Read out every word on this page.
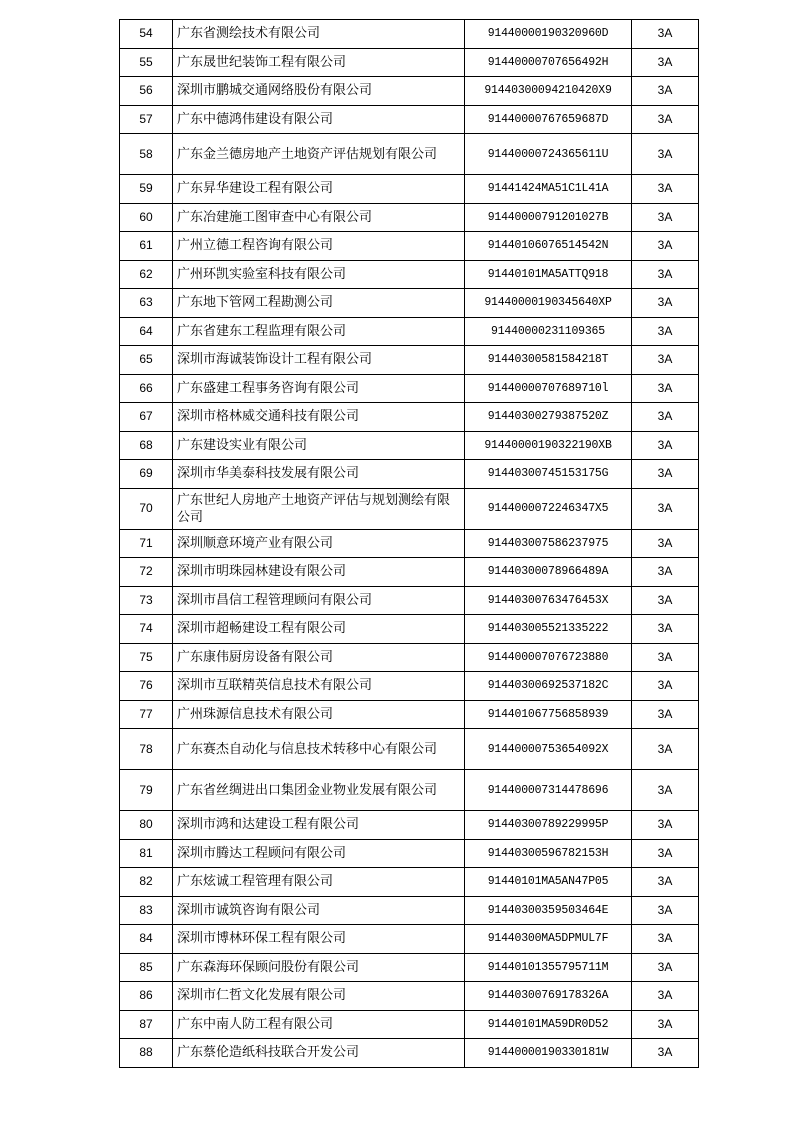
54	广东省测绘技术有限公司	91440000190320960D	3A
55	广东晟世纪装饰工程有限公司	91440000707656492H	3A
56	深圳市鹏城交通网络股份有限公司	91440300094210420X9	3A
57	广东中德鸿伟建设有限公司	91440000767659687D	3A
58	广东金兰德房地产土地资产评估规划有限公司	91440000724365611U	3A
59	广东昇华建设工程有限公司	91441424MA51C1L41A	3A
60	广东冶建施工图审查中心有限公司	91440000791201027B	3A
61	广州立德工程咨询有限公司	91440106076514542N	3A
62	广州环凯实验室科技有限公司	91440101MA5ATTQ918	3A
63	广东地下管网工程勘测公司	91440000190345640XP	3A
64	广东省建东工程监理有限公司	91440000231109365	3A
65	深圳市海诚装饰设计工程有限公司	91440300581584218T	3A
66	广东盛建工程事务咨询有限公司	91440000707689710l	3A
67	深圳市格林威交通科技有限公司	91440300279387520Z	3A
68	广东建设实业有限公司	91440000190322190XB	3A
69	深圳市华美泰科技发展有限公司	91440300745153175G	3A
70	广东世纪人房地产土地资产评估与规划测绘有限公司	9144000072246347X5	3A
71	深圳顺意环境产业有限公司	914403007586237975	3A
72	深圳市明珠园林建设有限公司	91440300078966489A	3A
73	深圳市昌信工程管理顾问有限公司	91440300763476453X	3A
74	深圳市超畅建设工程有限公司	914403005521335222	3A
75	广东康伟厨房设备有限公司	914400007076723880	3A
76	深圳市互联精英信息技术有限公司	91440300692537182C	3A
77	广州珠源信息技术有限公司	914401067756858939	3A
78	广东赛杰自动化与信息技术转移中心有限公司	91440000753654092X	3A
79	广东省丝绸进出口集团金业物业发展有限公司	914400007314478696	3A
80	深圳市鸿和达建设工程有限公司	91440300789229995P	3A
81	深圳市腾达工程顾问有限公司	91440300596782153H	3A
82	广东炫诚工程管理有限公司	91440101MA5AN47P05	3A
83	深圳市诚筑咨询有限公司	91440300359503464E	3A
84	深圳市博林环保工程有限公司	91440300MA5DPMUL7F	3A
85	广东森海环保顾问股份有限公司	91440101355795711M	3A
86	深圳市仁哲文化发展有限公司	91440300769178326A	3A
87	广东中南人防工程有限公司	91440101MA59DR0D52	3A
88	广东蔡伦造纸科技联合开发公司	91440000190330181W	3A
